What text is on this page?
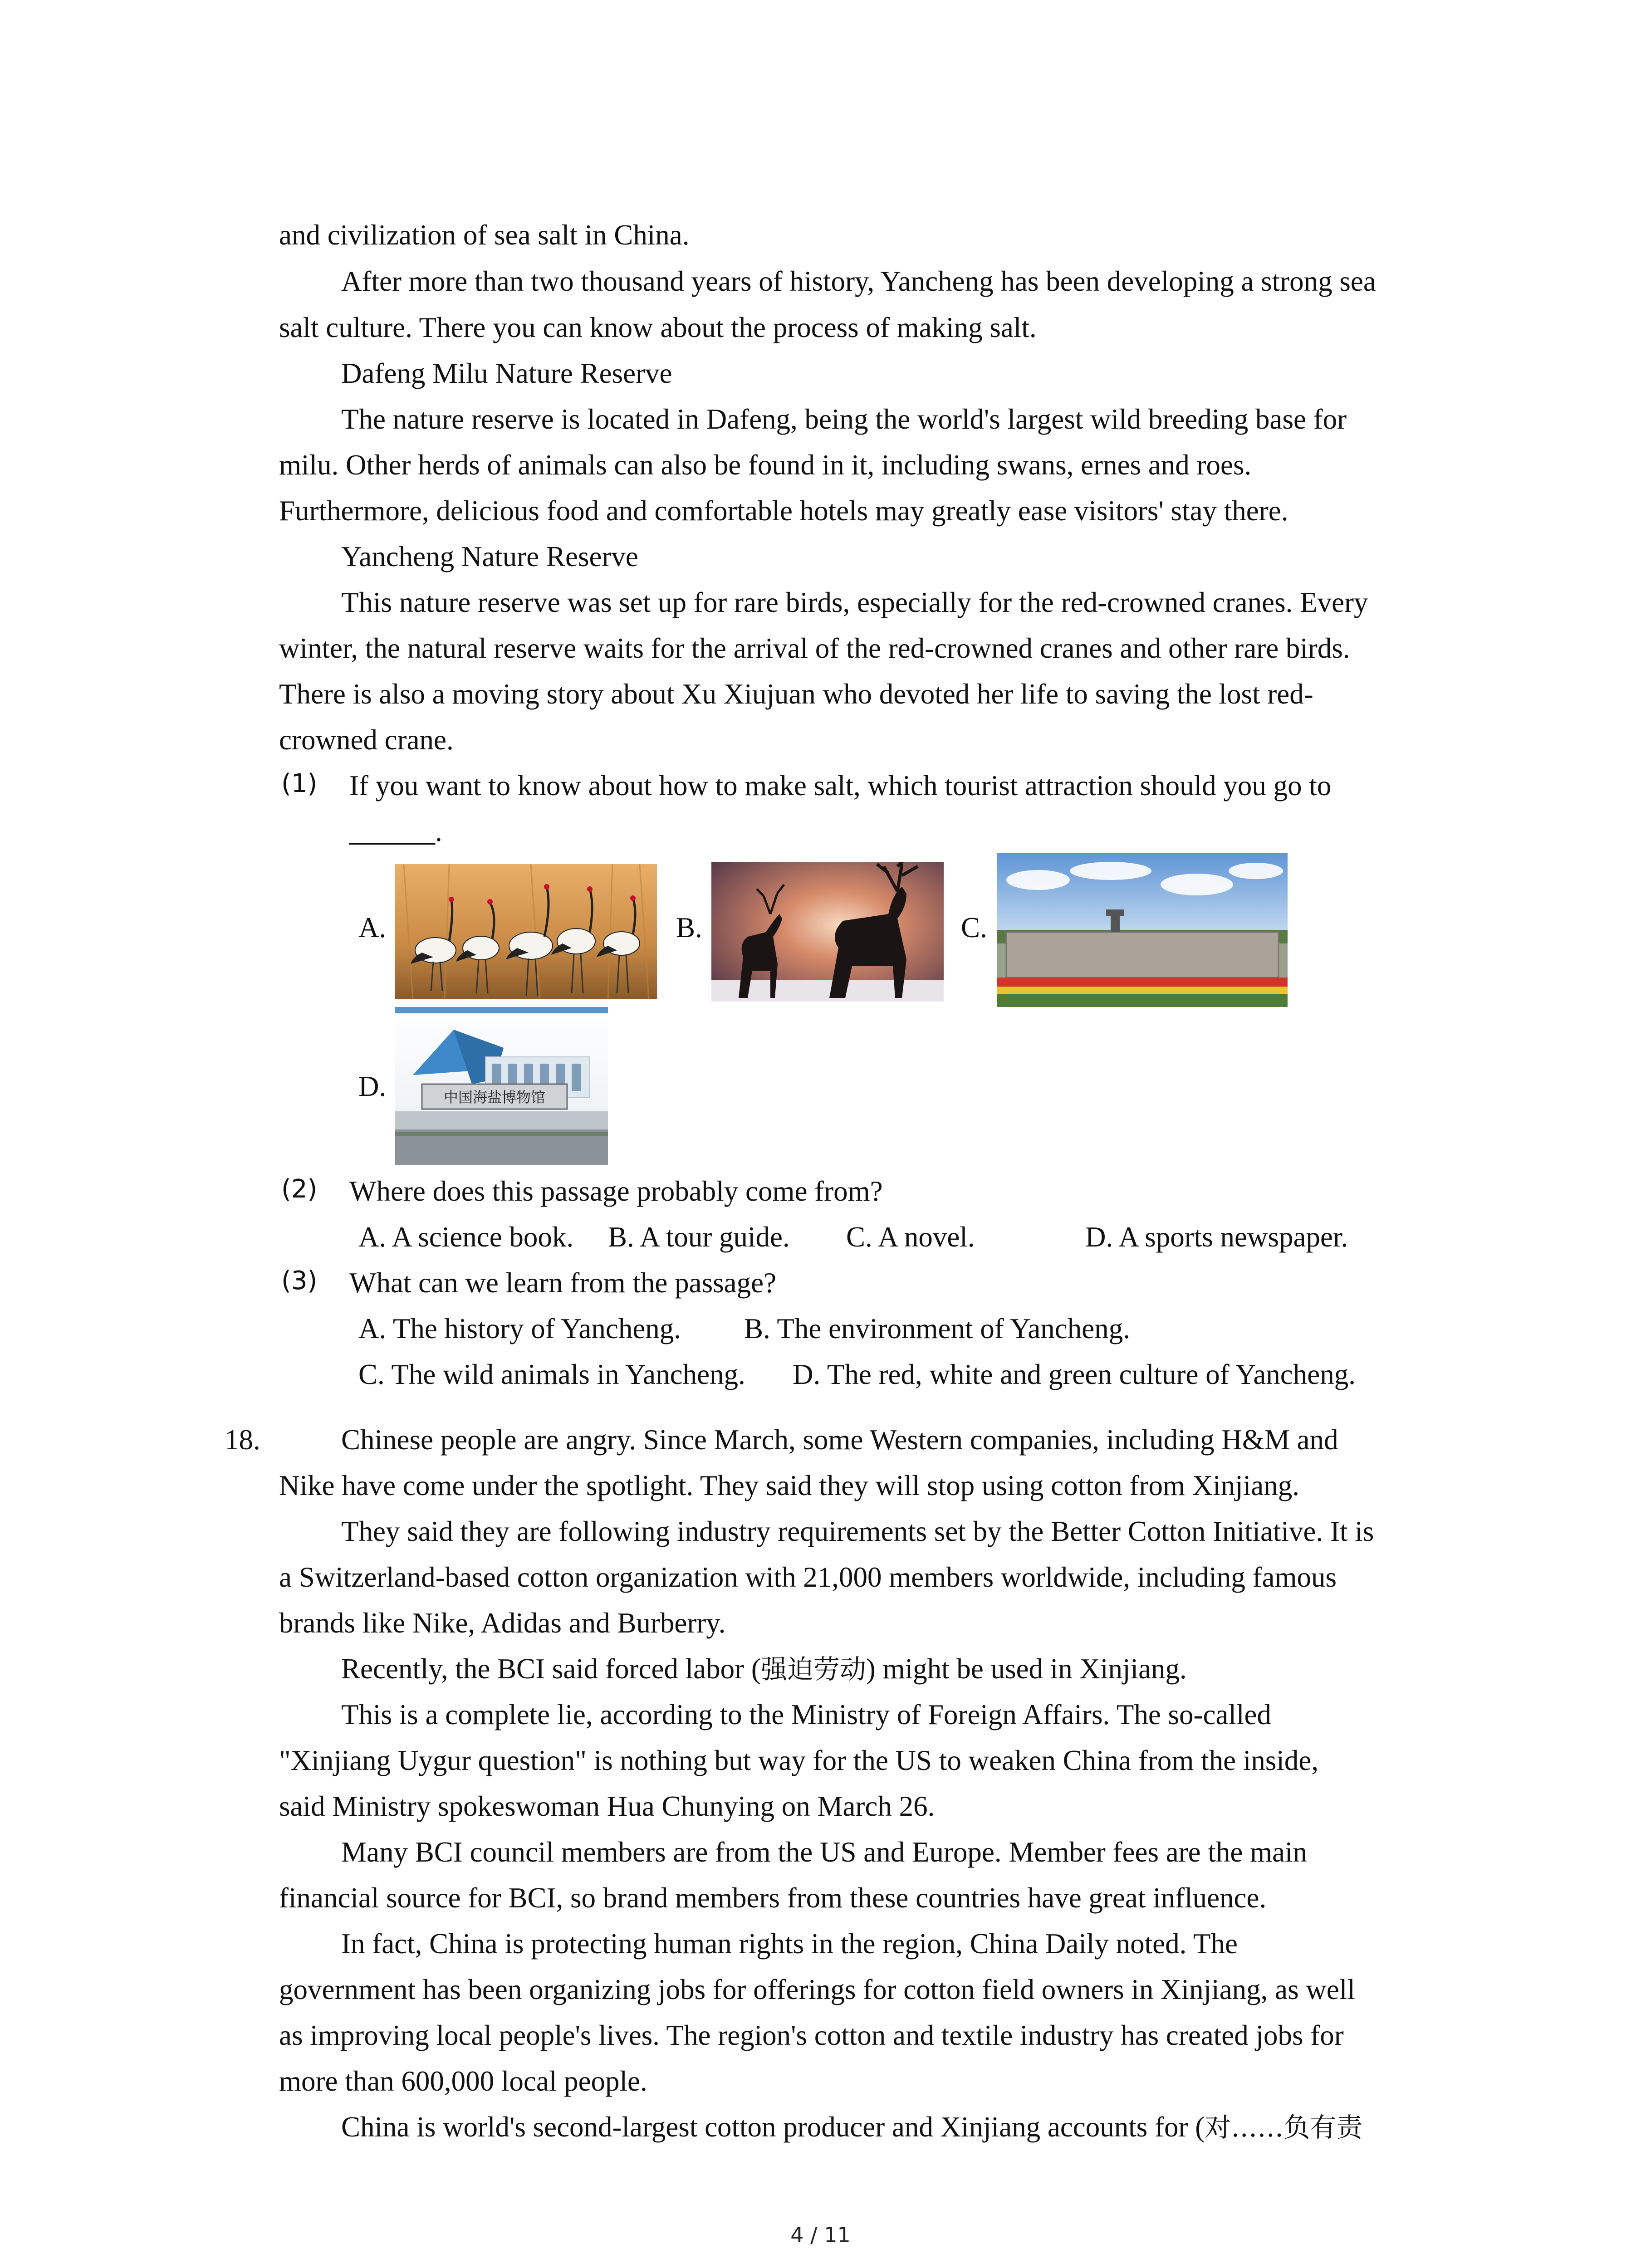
and civilization of sea salt in China.
After more than two thousand years of history, Yancheng has been developing a strong sea
salt culture. There you can know about the process of making salt.
Dafeng Milu Nature Reserve
The nature reserve is located in Dafeng, being the world's largest wild breeding base for
milu. Other herds of animals can also be found in it, including swans, ernes and roes.
Furthermore, delicious food and comfortable hotels may greatly ease visitors' stay there.
Yancheng Nature Reserve
This nature reserve was set up for rare birds, especially for the red-crowned cranes. Every
winter, the natural reserve waits for the arrival of the red-crowned cranes and other rare birds.
There is also a moving story about Xu Xiujuan who devoted her life to saving the lost red-
crowned crane.
(1) If you want to know about how to make salt, which tourist attraction should you go to
______.
A.	B.	C.
D.	中国海盐博物馆
(2) Where does this passage probably come from?
A. A science book. B. A tour guide. C. A novel.	D. A sports newspaper.
(3) What can we learn from the passage?
A. The history of Yancheng. B. The environment of Yancheng.
C. The wild animals in Yancheng. D. The red, white and green culture of Yancheng.
18.	Chinese people are angry. Since March, some Western companies, including H&M and
Nike have come under the spotlight. They said they will stop using cotton from Xinjiang.
They said they are following industry requirements set by the Better Cotton Initiative. It is
a Switzerland-based cotton organization with 21,000 members worldwide, including famous
brands like Nike, Adidas and Burberry.
Recently, the BCI said forced labor (强迫劳动) might be used in Xinjiang.
This is a complete lie, according to the Ministry of Foreign Affairs. The so-called
"Xinjiang Uygur question" is nothing but way for the US to weaken China from the inside,
said Ministry spokeswoman Hua Chunying on March 26.
Many BCI council members are from the US and Europe. Member fees are the main
financial source for BCI, so brand members from these countries have great influence.
In fact, China is protecting human rights in the region, China Daily noted. The
government has been organizing jobs for offerings for cotton field owners in Xinjiang, as well
as improving local people's lives. The region's cotton and textile industry has created jobs for
more than 600,000 local people.
China is world's second-largest cotton producer and Xinjiang accounts for (对……负有责
4 / 11
